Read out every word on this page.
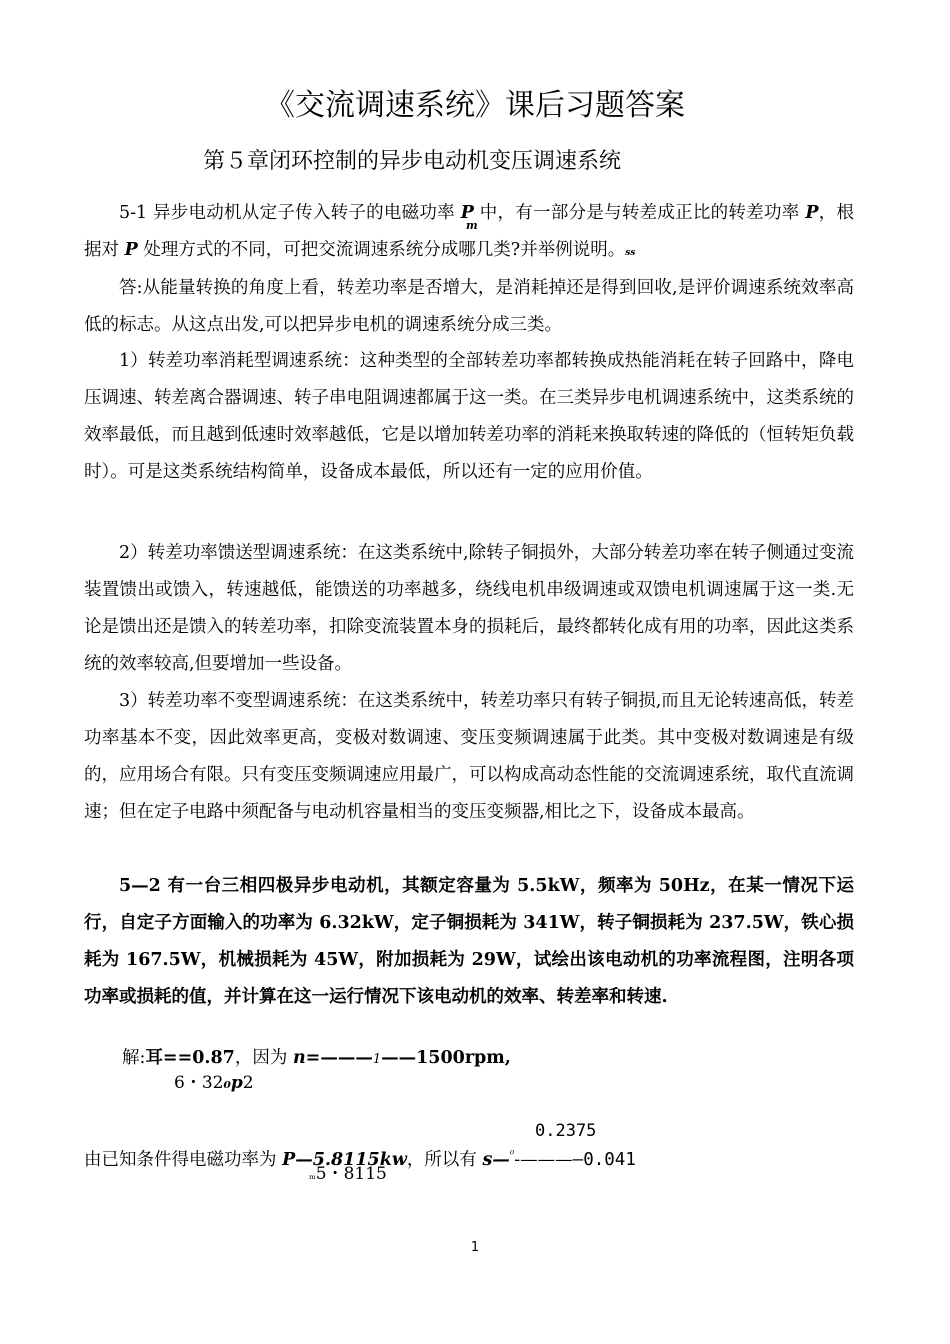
《交流调速系统》课后习题答案
第５章闭环控制的异步电动机变压调速系统

5-1 异步电动机从定子传入转子的电磁功率 P 中，有一部分是与转差成正比的转差功率 P，根据对 P 处理方式的不同，可把交流调速系统分成哪几类?并举例说明。ss

m

答:从能量转换的角度上看，转差功率是否增大，是消耗掉还是得到回收,是评价调速系统效率高低的标志。从这点出发,可以把异步电机的调速系统分成三类。

1）转差功率消耗型调速系统：这种类型的全部转差功率都转换成热能消耗在转子回路中，降电压调速、转差离合器调速、转子串电阻调速都属于这一类。在三类异步电机调速系统中，这类系统的效率最低，而且越到低速时效率越低，它是以增加转差功率的消耗来换取转速的降低的（恒转矩负载时）。可是这类系统结构简单，设备成本最低，所以还有一定的应用价值。

2）转差功率馈送型调速系统：在这类系统中,除转子铜损外，大部分转差功率在转子侧通过变流装置馈出或馈入，转速越低，能馈送的功率越多，绕线电机串级调速或双馈电机调速属于这一类.无论是馈出还是馈入的转差功率，扣除变流装置本身的损耗后，最终都转化成有用的功率，因此这类系统的效率较高,但要增加一些设备。

3）转差功率不变型调速系统：在这类系统中，转差功率只有转子铜损,而且无论转速高低，转差功率基本不变，因此效率更高，变极对数调速、变压变频调速属于此类。其中变极对数调速是有级的，应用场合有限。只有变压变频调速应用最广，可以构成高动态性能的交流调速系统，取代直流调速；但在定子电路中须配备与电动机容量相当的变压变频器,相比之下，设备成本最高。

5—2 有一台三相四极异步电动机，其额定容量为 5.5kW，频率为 50Hz，在某一情况下运行，自定子方面输入的功率为 6.32kW，定子铜损耗为 341W，转子铜损耗为 237.5W，铁心损耗为 167.5W，机械损耗为 45W，附加损耗为 29W，试绘出该电动机的功率流程图，注明各项功率或损耗的值，并计算在这一运行情况下该电动机的效率、转差率和转速.

解:耳==0.87，因为 n=———1——1500rpm,
6・32₀p2
0.2375
由已知条件得电磁功率为 P—5.8115kw，所以有 s—$^{^0}$-————0.041
ₘ5・8115
1
